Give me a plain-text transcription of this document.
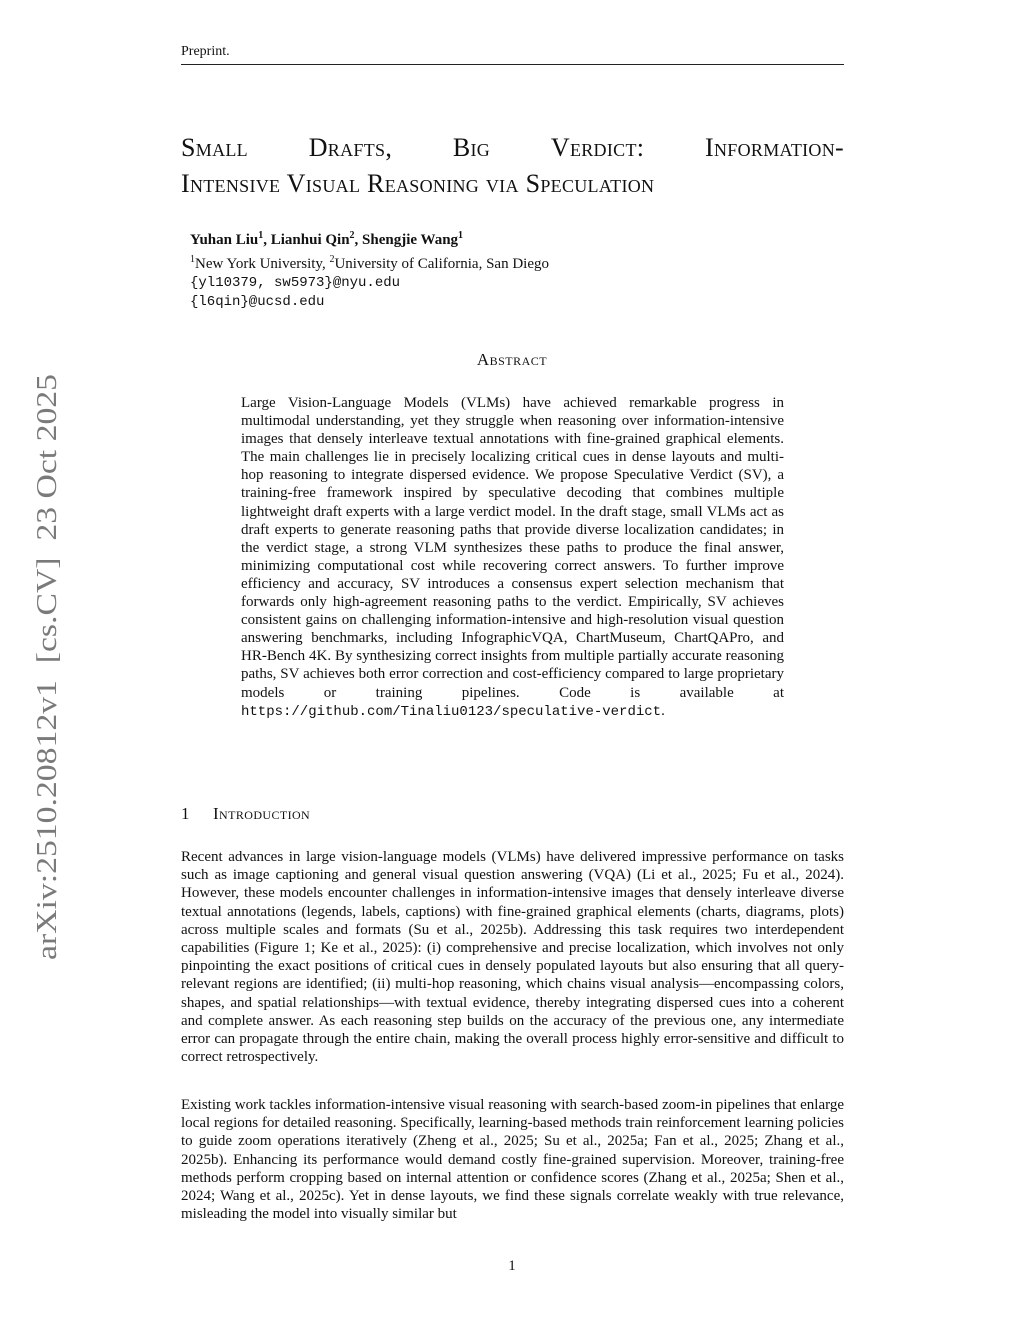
Preprint.
arXiv:2510.20812v1  [cs.CV]  23 Oct 2025
Small Drafts, Big Verdict: Information-
Intensive Visual Reasoning via Speculation
Yuhan Liu$^1$, Lianhui Qin$^2$, Shengjie Wang$^1$
$^1$New York University, $^2$University of California, San Diego
{yl10379, sw5973}@nyu.edu
{l6qin}@ucsd.edu
Abstract
Large Vision-Language Models (VLMs) have achieved remarkable progress in multimodal understanding, yet they struggle when reasoning over information-intensive images that densely interleave textual annotations with fine-grained graphical elements. The main challenges lie in precisely localizing critical cues in dense layouts and multi-hop reasoning to integrate dispersed evidence. We propose Speculative Verdict (SV), a training-free framework inspired by speculative decoding that combines multiple lightweight draft experts with a large verdict model. In the draft stage, small VLMs act as draft experts to generate reasoning paths that provide diverse localization candidates; in the verdict stage, a strong VLM synthesizes these paths to produce the final answer, minimizing computational cost while recovering correct answers. To further improve efficiency and accuracy, SV introduces a consensus expert selection mechanism that forwards only high-agreement reasoning paths to the verdict. Empirically, SV achieves consistent gains on challenging information-intensive and high-resolution visual question answering benchmarks, including InfographicVQA, ChartMuseum, ChartQAPro, and HR-Bench 4K. By synthesizing correct insights from multiple partially accurate reasoning paths, SV achieves both error correction and cost-efficiency compared to large proprietary models or training pipelines. Code is available at https://github.com/Tinaliu0123/speculative-verdict.
1 Introduction
Recent advances in large vision-language models (VLMs) have delivered impressive performance on tasks such as image captioning and general visual question answering (VQA) (Li et al., 2025; Fu et al., 2024). However, these models encounter challenges in information-intensive images that densely interleave diverse textual annotations (legends, labels, captions) with fine-grained graphical elements (charts, diagrams, plots) across multiple scales and formats (Su et al., 2025b). Addressing this task requires two interdependent capabilities (Figure 1; Ke et al., 2025): (i) comprehensive and precise localization, which involves not only pinpointing the exact positions of critical cues in densely populated layouts but also ensuring that all query-relevant regions are identified; (ii) multi-hop reasoning, which chains visual analysis—encompassing colors, shapes, and spatial relationships—with textual evidence, thereby integrating dispersed cues into a coherent and complete answer. As each reasoning step builds on the accuracy of the previous one, any intermediate error can propagate through the entire chain, making the overall process highly error-sensitive and difficult to correct retrospectively.
Existing work tackles information-intensive visual reasoning with search-based zoom-in pipelines that enlarge local regions for detailed reasoning. Specifically, learning-based methods train reinforcement learning policies to guide zoom operations iteratively (Zheng et al., 2025; Su et al., 2025a; Fan et al., 2025; Zhang et al., 2025b). Enhancing its performance would demand costly fine-grained supervision. Moreover, training-free methods perform cropping based on internal attention or confidence scores (Zhang et al., 2025a; Shen et al., 2024; Wang et al., 2025c). Yet in dense layouts, we find these signals correlate weakly with true relevance, misleading the model into visually similar but
1
